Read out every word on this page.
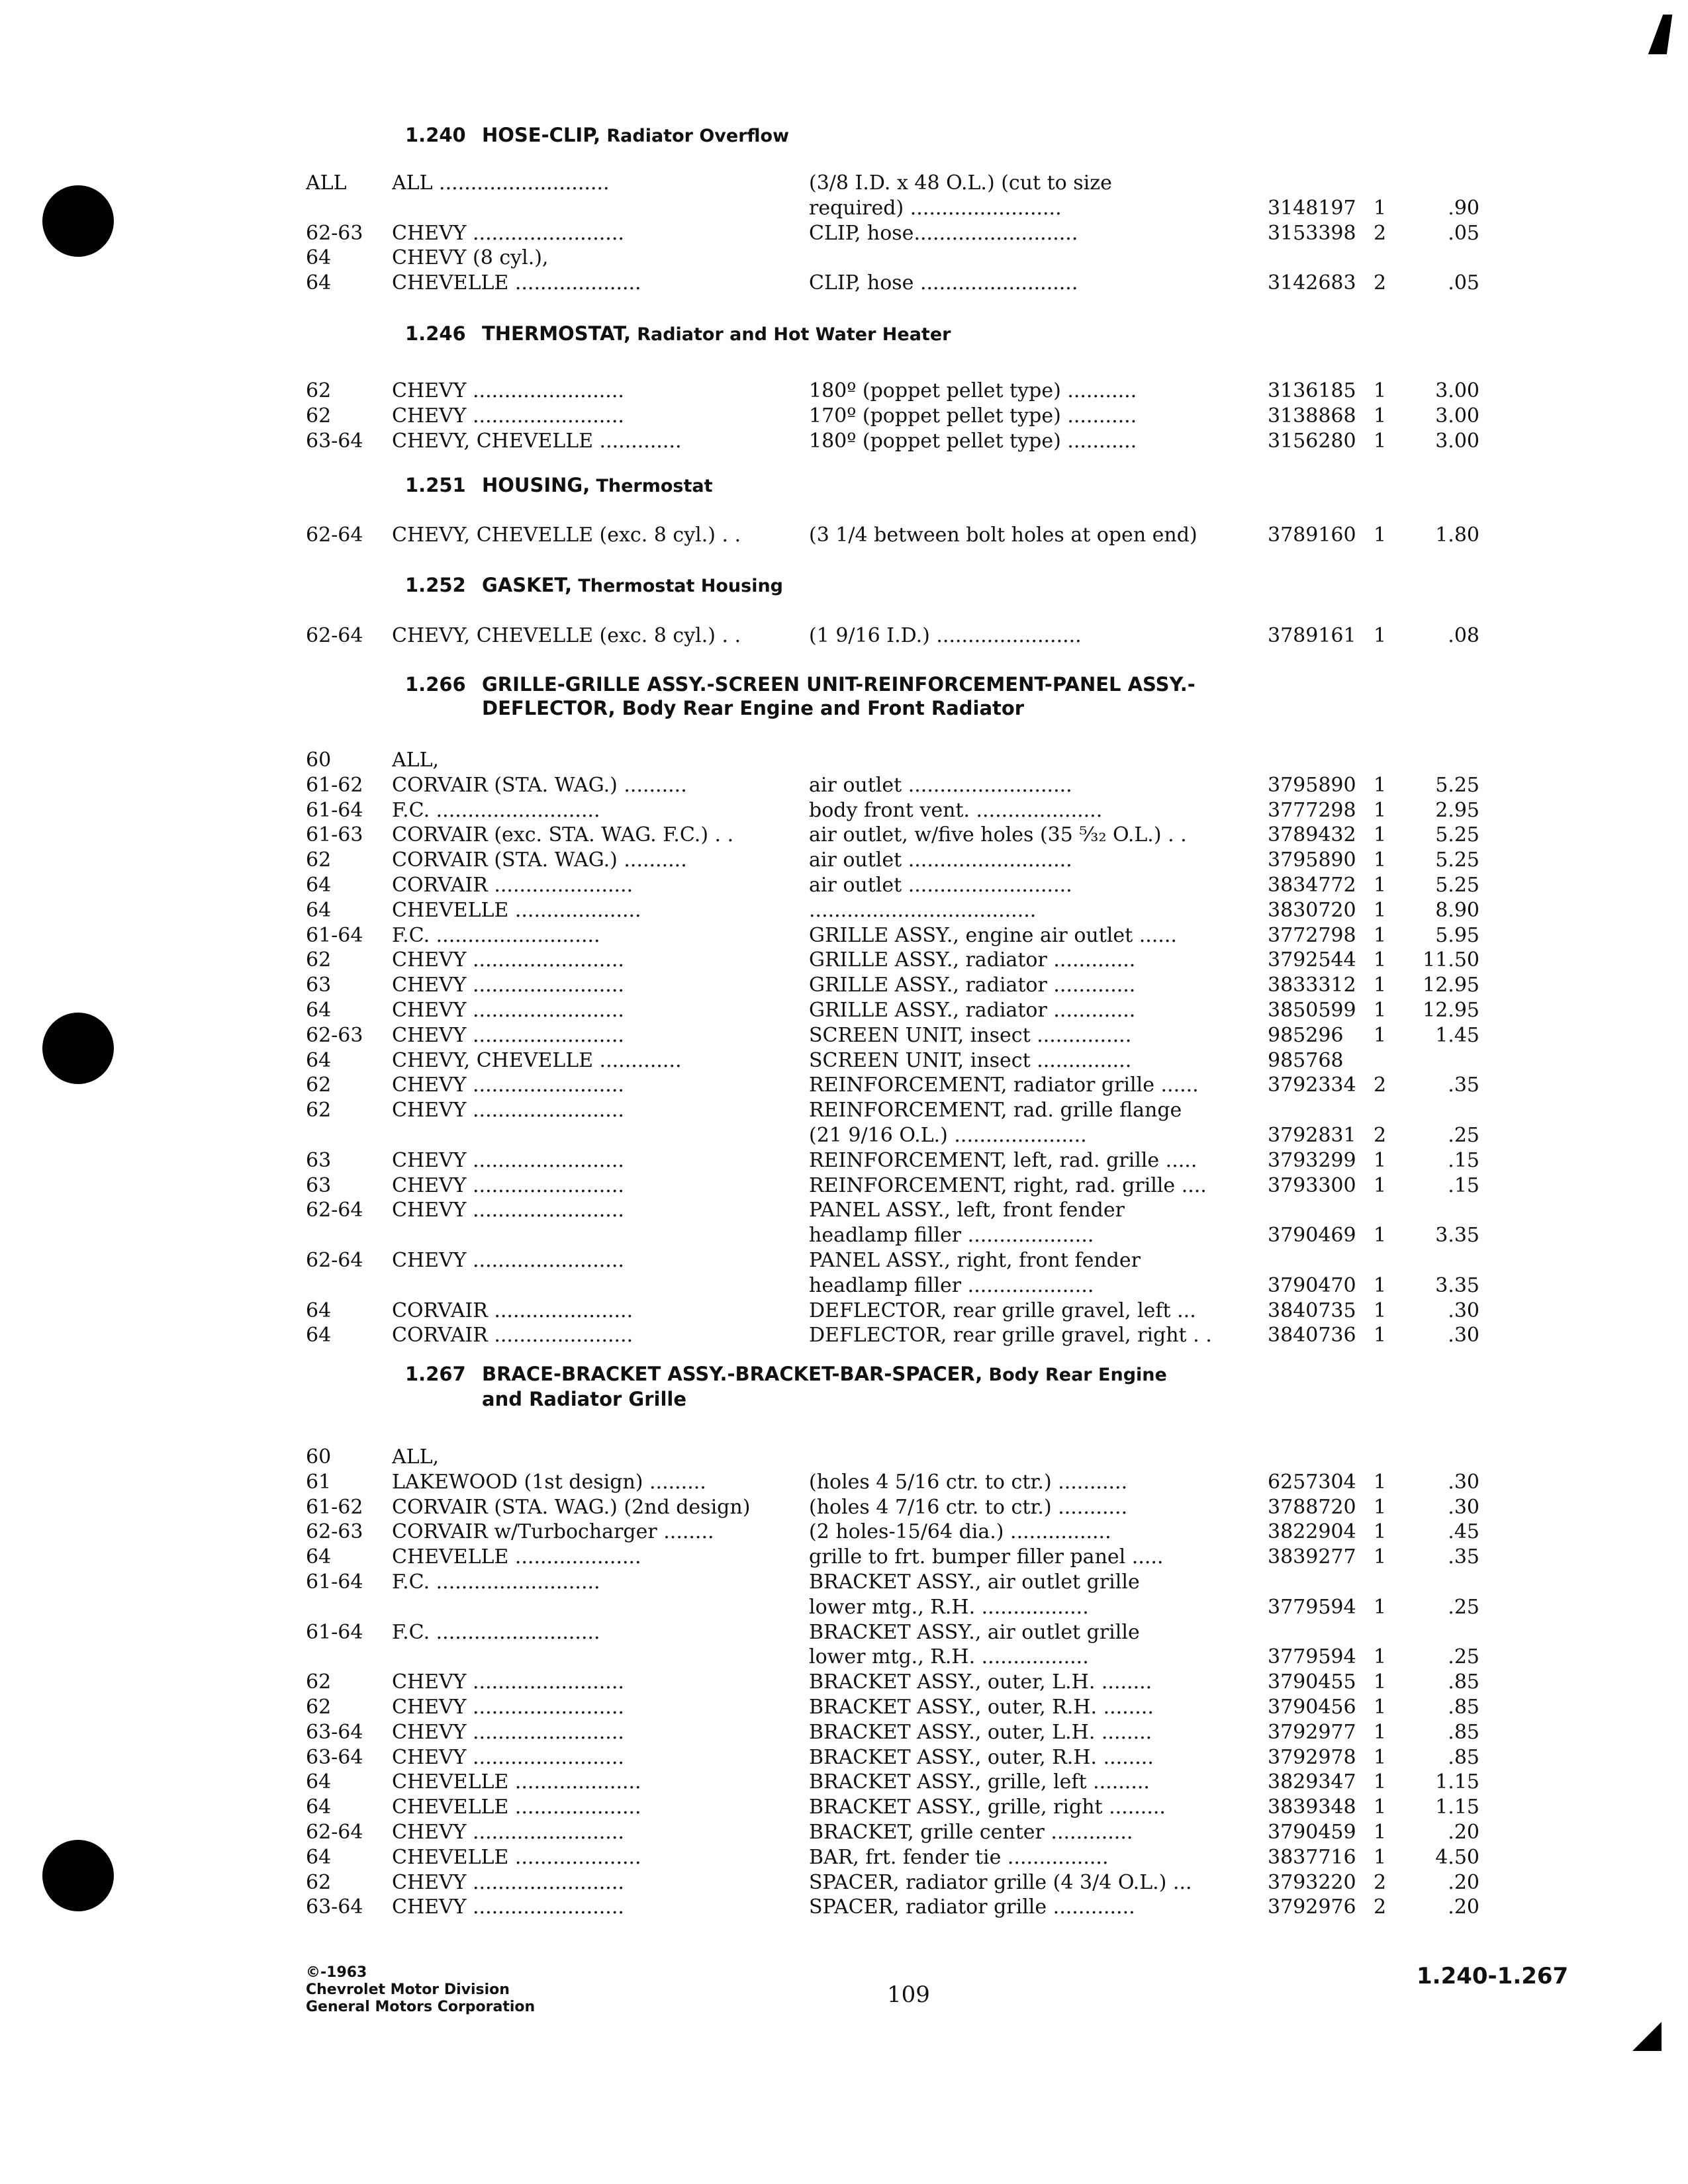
1.240 HOSE-CLIP, Radiator Overflow
ALL	ALL ...........................	(3/8 I.D. x 48 O.L.) (cut to size
required) ........................	3148197 1	.90
62-63	CHEVY ........................	CLIP, hose..........................	3153398 2	.05
64	CHEVY (8 cyl.),
64	CHEVELLE ....................	CLIP, hose .........................	3142683 2	.05
1.246 THERMOSTAT, Radiator and Hot Water Heater
62	CHEVY ........................	180º (poppet pellet type) ...........	3136185 1	3.00
62	CHEVY ........................	170º (poppet pellet type) ...........	3138868 1	3.00
63-64	CHEVY, CHEVELLE .............	180º (poppet pellet type) ...........	3156280 1	3.00
1.251 HOUSING, Thermostat
62-64	CHEVY, CHEVELLE (exc. 8 cyl.) . .	(3 1/4 between bolt holes at open end)	3789160 1	1.80
1.252 GASKET, Thermostat Housing
62-64	CHEVY, CHEVELLE (exc. 8 cyl.) . .	(1 9/16 I.D.) .......................	3789161 1	.08
1.266 GRILLE-GRILLE ASSY.-SCREEN UNIT-REINFORCEMENT-PANEL ASSY.-
DEFLECTOR, Body Rear Engine and Front Radiator
60	ALL,
61-62	CORVAIR (STA. WAG.) ..........	air outlet ..........................	3795890 1	5.25
61-64	F.C. ..........................	body front vent. ....................	3777298 1	2.95
61-63	CORVAIR (exc. STA. WAG. F.C.) . .	air outlet, w/five holes (35 ⁵⁄₃₂ O.L.) . .	3789432 1	5.25
62	CORVAIR (STA. WAG.) ..........	air outlet ..........................	3795890 1	5.25
64	CORVAIR ......................	air outlet ..........................	3834772 1	5.25
64	CHEVELLE ....................	....................................	3830720 1	8.90
61-64	F.C. ..........................	GRILLE ASSY., engine air outlet ......	3772798 1	5.95
62	CHEVY ........................	GRILLE ASSY., radiator .............	3792544 1	11.50
63	CHEVY ........................	GRILLE ASSY., radiator .............	3833312 1	12.95
64	CHEVY ........................	GRILLE ASSY., radiator .............	3850599 1	12.95
62-63	CHEVY ........................	SCREEN UNIT, insect ...............	985296	1	1.45
64	CHEVY, CHEVELLE .............	SCREEN UNIT, insect ...............	985768
62	CHEVY ........................	REINFORCEMENT, radiator grille ......	3792334 2	.35
62	CHEVY ........................	REINFORCEMENT, rad. grille flange
(21 9/16 O.L.) .....................	3792831 2	.25
63	CHEVY ........................	REINFORCEMENT, left, rad. grille .....	3793299 1	.15
63	CHEVY ........................	REINFORCEMENT, right, rad. grille ....	3793300 1	.15
62-64	CHEVY ........................	PANEL ASSY., left, front fender
headlamp filler ....................	3790469 1	3.35
62-64	CHEVY ........................	PANEL ASSY., right, front fender
headlamp filler ....................	3790470 1	3.35
64	CORVAIR ......................	DEFLECTOR, rear grille gravel, left ...	3840735 1	.30
64	CORVAIR ......................	DEFLECTOR, rear grille gravel, right . .	3840736 1	.30
1.267 BRACE-BRACKET ASSY.-BRACKET-BAR-SPACER, Body Rear Engine
and Radiator Grille
60	ALL,
61	LAKEWOOD (1st design) .........	(holes 4 5/16 ctr. to ctr.) ...........	6257304 1	.30
61-62	CORVAIR (STA. WAG.) (2nd design)	(holes 4 7/16 ctr. to ctr.) ...........	3788720 1	.30
62-63	CORVAIR w/Turbocharger ........	(2 holes-15/64 dia.) ................	3822904 1	.45
64	CHEVELLE ....................	grille to frt. bumper filler panel .....	3839277 1	.35
61-64	F.C. ..........................	BRACKET ASSY., air outlet grille
lower mtg., R.H. .................	3779594 1	.25
61-64	F.C. ..........................	BRACKET ASSY., air outlet grille
lower mtg., R.H. .................	3779594 1	.25
62	CHEVY ........................	BRACKET ASSY., outer, L.H. ........	3790455 1	.85
62	CHEVY ........................	BRACKET ASSY., outer, R.H. ........	3790456 1	.85
63-64	CHEVY ........................	BRACKET ASSY., outer, L.H. ........	3792977 1	.85
63-64	CHEVY ........................	BRACKET ASSY., outer, R.H. ........	3792978 1	.85
64	CHEVELLE ....................	BRACKET ASSY., grille, left .........	3829347 1	1.15
64	CHEVELLE ....................	BRACKET ASSY., grille, right .........	3839348 1	1.15
62-64	CHEVY ........................	BRACKET, grille center .............	3790459 1	.20
64	CHEVELLE ....................	BAR, frt. fender tie ................	3837716 1	4.50
62	CHEVY ........................	SPACER, radiator grille (4 3/4 O.L.) ...	3793220 2	.20
63-64	CHEVY ........................	SPACER, radiator grille .............	3792976 2	.20
©-1963
Chevrolet Motor Division
General Motors Corporation	109
1.240-1.267
